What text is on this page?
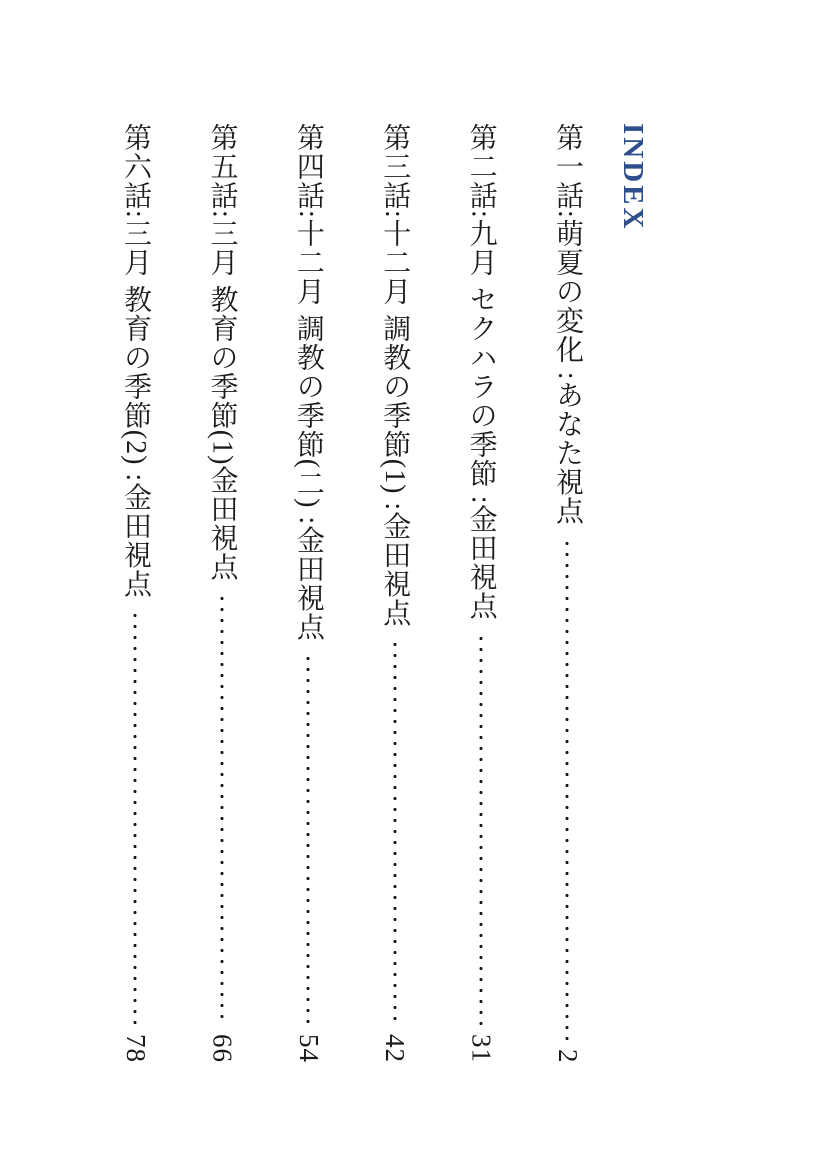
INDEX
第一話:萌夏の変化 :あなた視点
2
第二話:九月 セクハラの季節 :金田視点
31
第三話:十二月 調教の季節(1) :金田視点
42
第四話:十二月 調教の季節(二) :金田視点
54
第五話:三月 教育の季節(1)金田視点
66
第六話:三月 教育の季節(2) :金田視点
78
